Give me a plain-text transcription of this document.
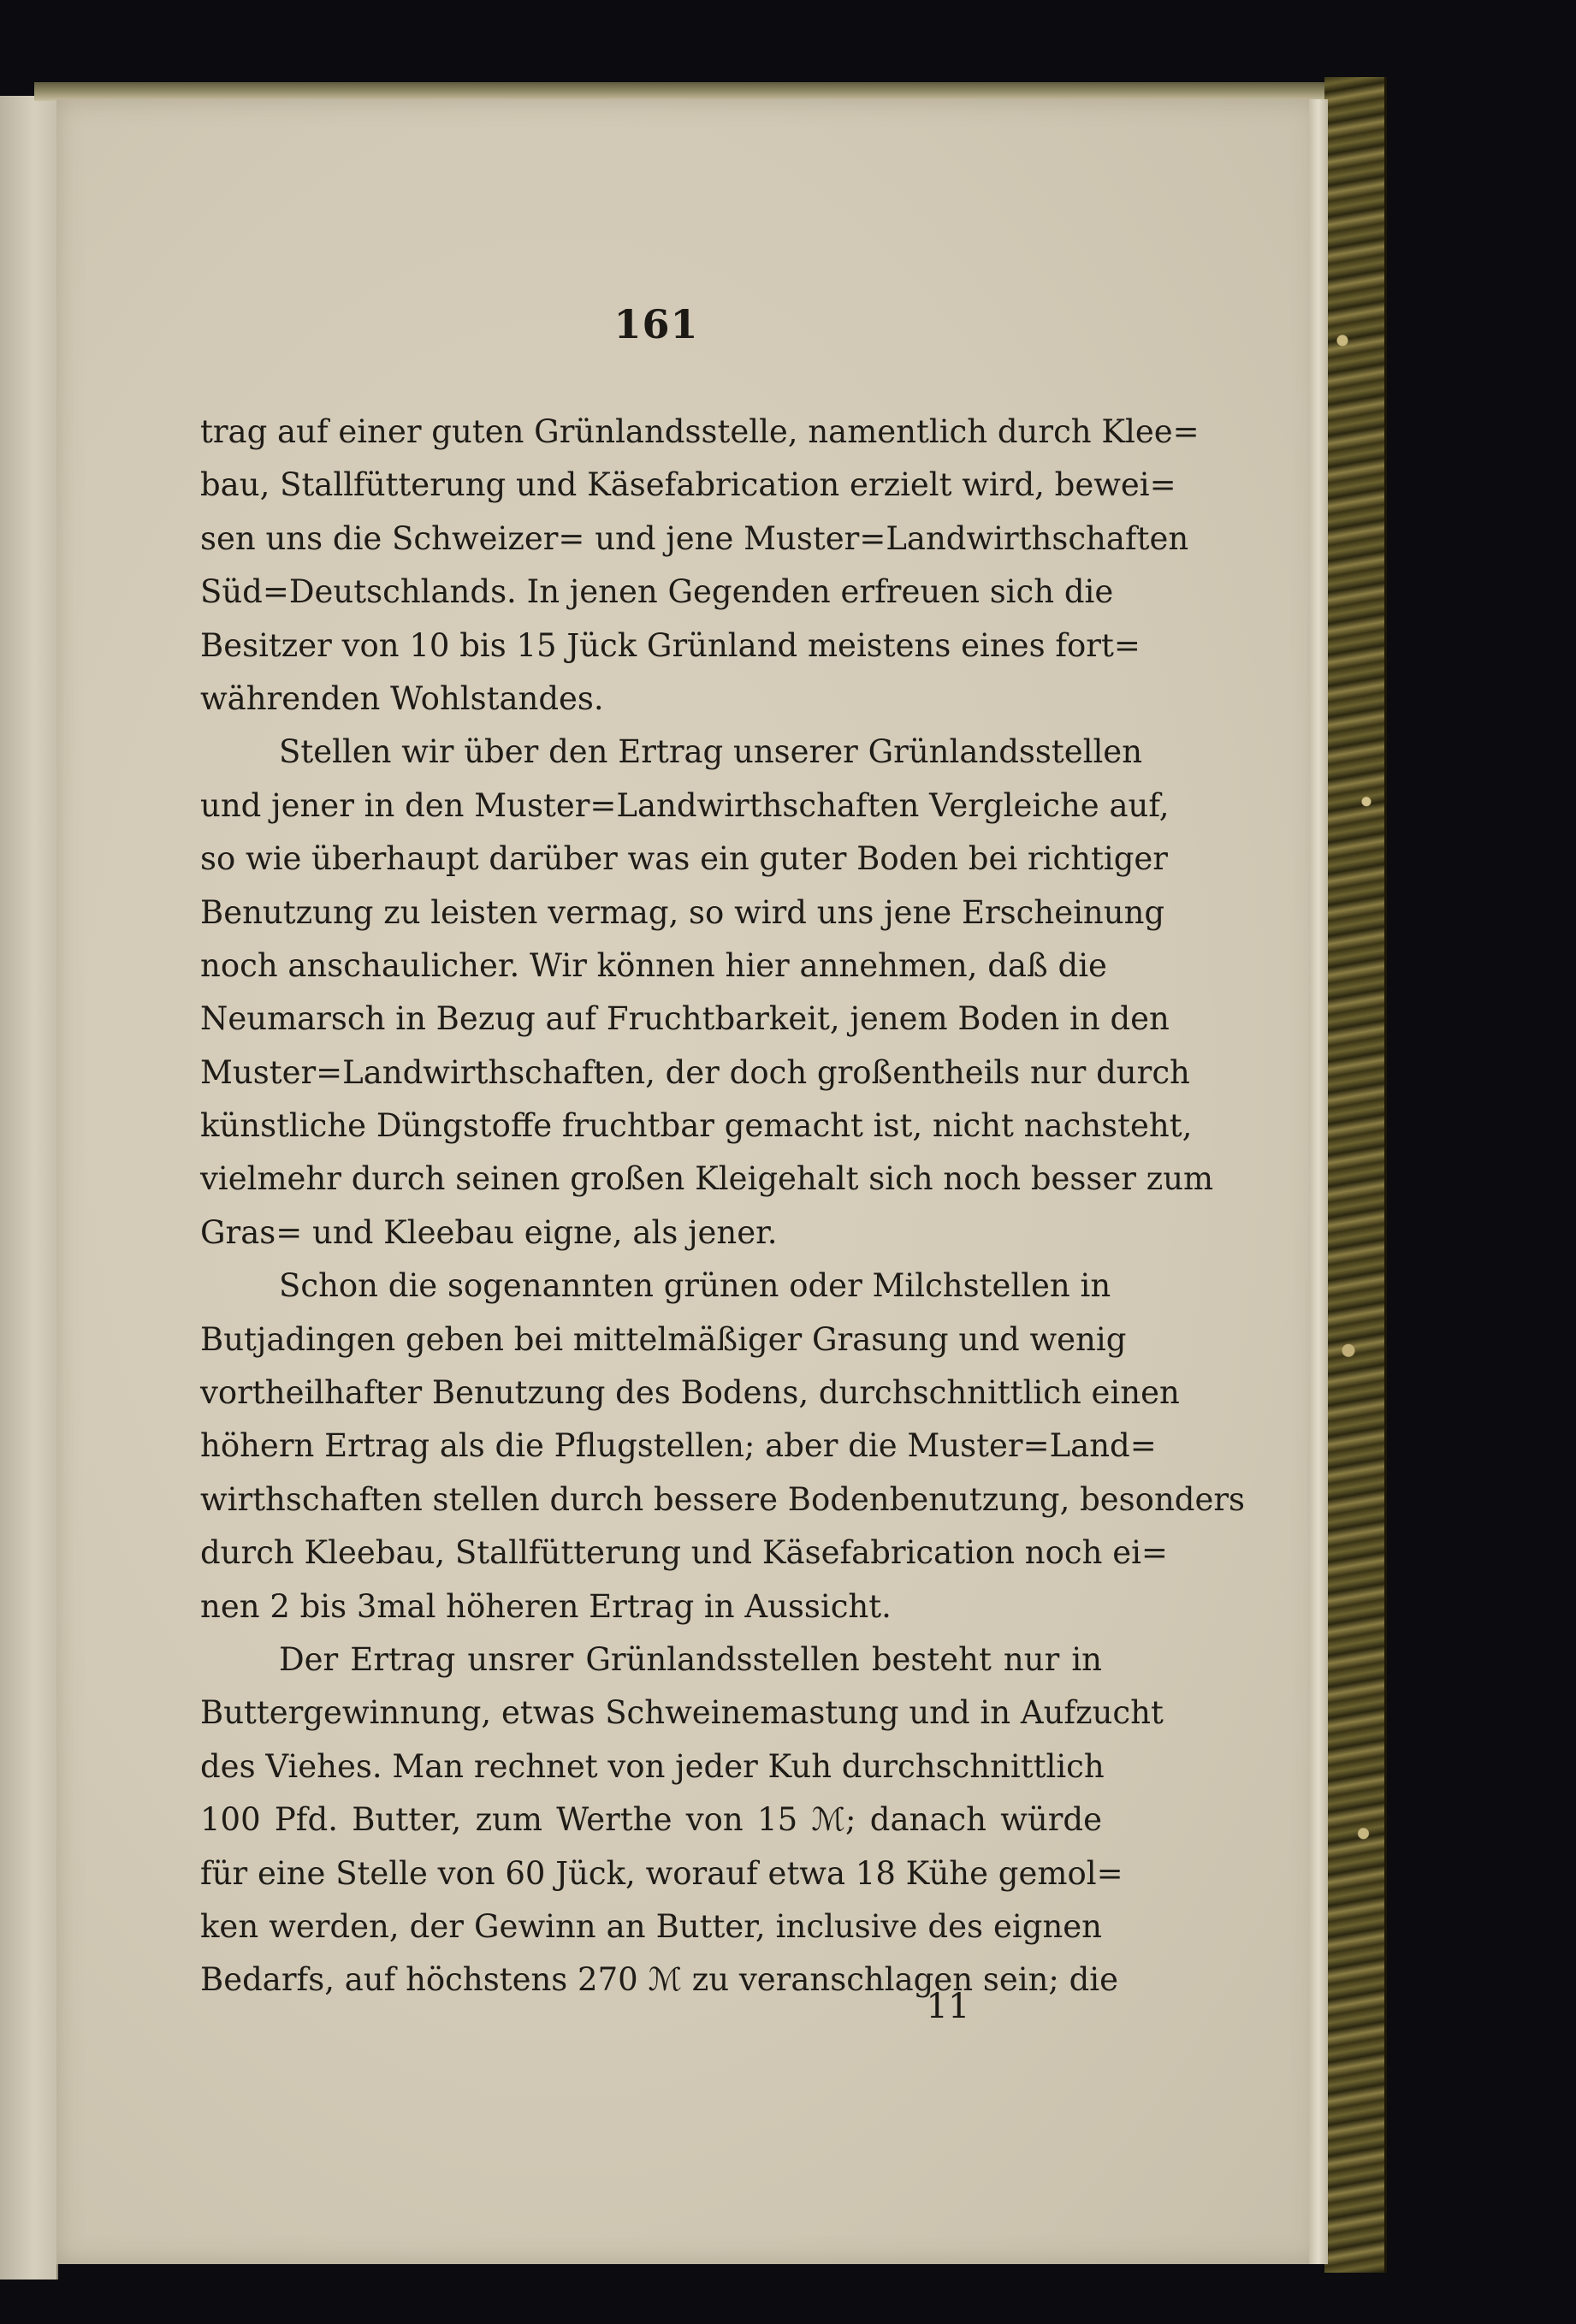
161
trag auf einer guten Grünlandsstelle, namentlich durch Klee=
bau, Stallfütterung und Käsefabrication erzielt wird, bewei=
sen uns die Schweizer= und jene Muster=Landwirthschaften
Süd=Deutschlands. In jenen Gegenden erfreuen sich die
Besitzer von 10 bis 15 Jück Grünland meistens eines fort=
währenden Wohlstandes.
Stellen wir über den Ertrag unserer Grünlandsstellen
und jener in den Muster=Landwirthschaften Vergleiche auf,
so wie überhaupt darüber was ein guter Boden bei richtiger
Benutzung zu leisten vermag, so wird uns jene Erscheinung
noch anschaulicher. Wir können hier annehmen, daß die
Neumarsch in Bezug auf Fruchtbarkeit, jenem Boden in den
Muster=Landwirthschaften, der doch großentheils nur durch
künstliche Düngstoffe fruchtbar gemacht ist, nicht nachsteht,
vielmehr durch seinen großen Kleigehalt sich noch besser zum
Gras= und Kleebau eigne, als jener.
Schon die sogenannten grünen oder Milchstellen in
Butjadingen geben bei mittelmäßiger Grasung und wenig
vortheilhafter Benutzung des Bodens, durchschnittlich einen
höhern Ertrag als die Pflugstellen; aber die Muster=Land=
wirthschaften stellen durch bessere Bodenbenutzung, besonders
durch Kleebau, Stallfütterung und Käsefabrication noch ei=
nen 2 bis 3mal höheren Ertrag in Aussicht.
Der Ertrag unsrer Grünlandsstellen besteht nur in
Buttergewinnung, etwas Schweinemastung und in Aufzucht
des Viehes. Man rechnet von jeder Kuh durchschnittlich
100 Pfd. Butter, zum Werthe von 15 ℳ; danach würde
für eine Stelle von 60 Jück, worauf etwa 18 Kühe gemol=
ken werden, der Gewinn an Butter, inclusive des eignen
Bedarfs, auf höchstens 270 ℳ zu veranschlagen sein; die
11
